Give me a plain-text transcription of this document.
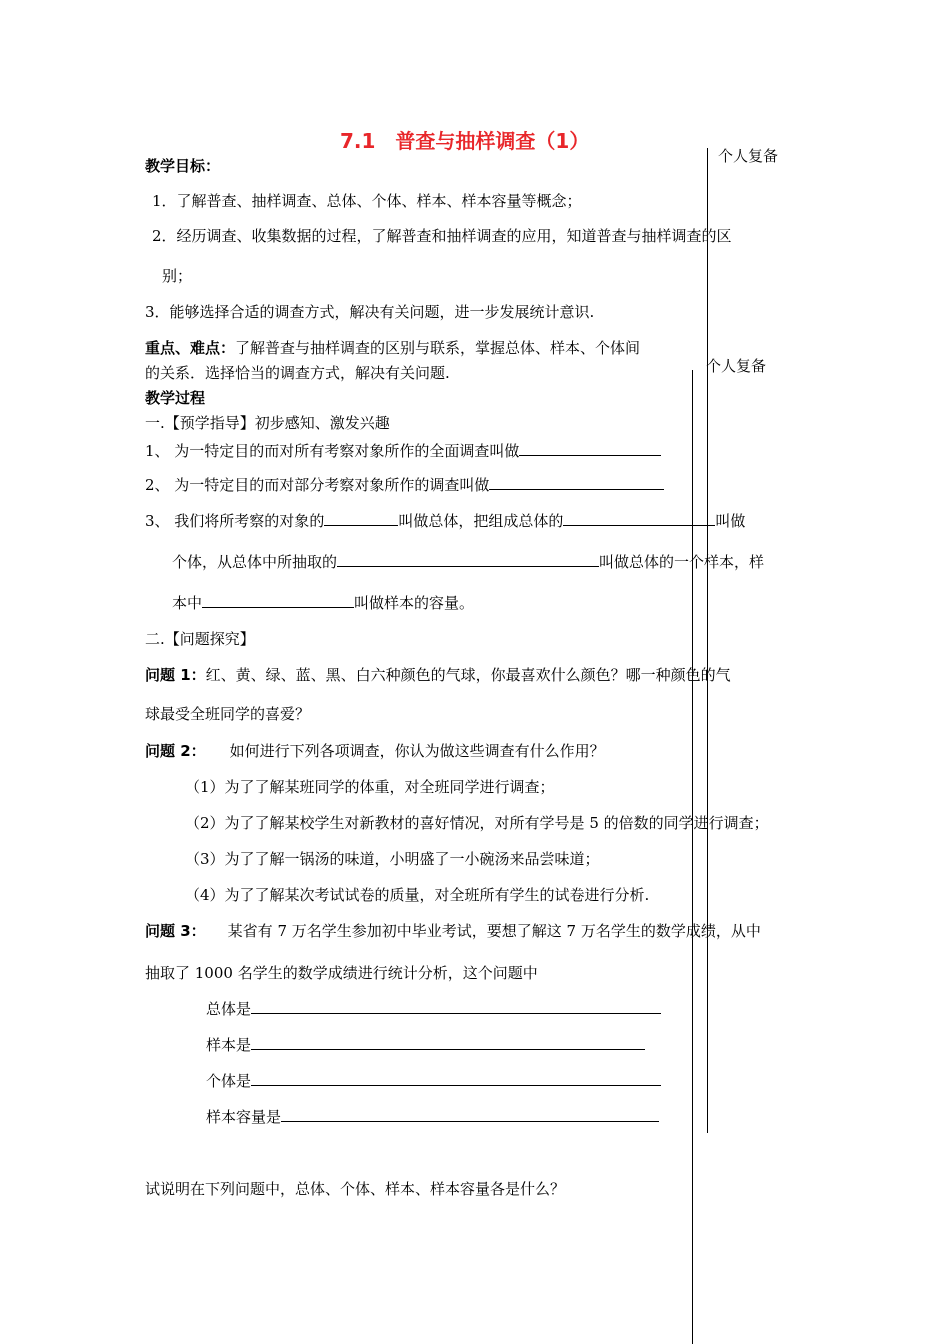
7.1　普查与抽样调查（1）
个人复备
个人复备
教学目标：
1．了解普查、抽样调查、总体、个体、样本、样本容量等概念；
2．经历调查、收集数据的过程，了解普查和抽样调查的应用，知道普查与抽样调查的区
别；
3．能够选择合适的调查方式，解决有关问题，进一步发展统计意识.
重点、难点：了解普查与抽样调查的区别与联系，掌握总体、样本、个体间
的关系．选择恰当的调查方式，解决有关问题.
教学过程
一.【预学指导】初步感知、激发兴趣
1、 为一特定目的而对所有考察对象所作的全面调查叫做
2、 为一特定目的而对部分考察对象所作的调查叫做
3、 我们将所考察的对象的	叫做总体，把组成总体的	叫做
个体，从总体中所抽取的	叫做总体的一个样本，样
本中	叫做样本的容量。
二.【问题探究】
问题 1：红、黄、绿、蓝、黑、白六种颜色的气球，你最喜欢什么颜色？哪一种颜色的气
球最受全班同学的喜爱？
问题 2： 如何进行下列各项调查，你认为做这些调查有什么作用？
（1）为了了解某班同学的体重，对全班同学进行调查；
（2）为了了解某校学生对新教材的喜好情况，对所有学号是 5 的倍数的同学进行调查；
（3）为了了解一锅汤的味道，小明盛了一小碗汤来品尝味道；
（4）为了了解某次考试试卷的质量，对全班所有学生的试卷进行分析.
问题 3： 某省有 7 万名学生参加初中毕业考试，要想了解这 7 万名学生的数学成绩，从中
抽取了 1000 名学生的数学成绩进行统计分析，这个问题中
总体是
样本是
个体是
样本容量是
试说明在下列问题中，总体、个体、样本、样本容量各是什么？
